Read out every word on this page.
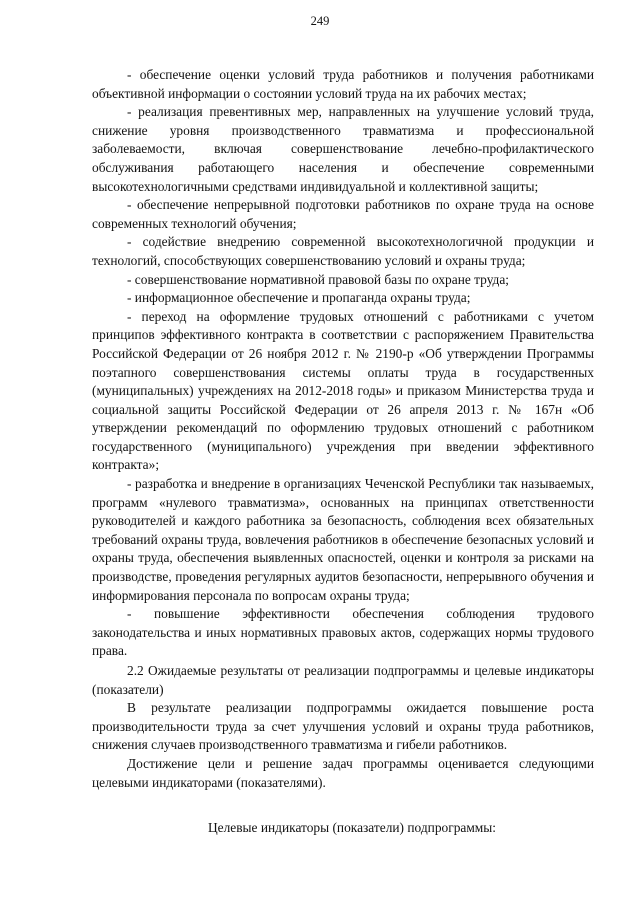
249

- обеспечение оценки условий труда работников и получения работниками объективной информации о состоянии условий труда на их рабочих местах;

- реализация превентивных мер, направленных на улучшение условий труда, снижение уровня производственного травматизма и профессиональной заболеваемости, включая совершенствование лечебно-профилактического обслуживания работающего населения и обеспечение современными высокотехнологичными средствами индивидуальной и коллективной защиты;

- обеспечение непрерывной подготовки работников по охране труда на основе современных технологий обучения;

- содействие внедрению современной высокотехнологичной продукции и технологий, способствующих совершенствованию условий и охраны труда;

- совершенствование нормативной правовой базы по охране труда;

- информационное обеспечение и пропаганда охраны труда;

- переход на оформление трудовых отношений с работниками с учетом принципов эффективного контракта в соответствии с распоряжением Правительства Российской Федерации от 26 ноября 2012 г. № 2190-р «Об утверждении Программы поэтапного совершенствования системы оплаты труда в государственных (муниципальных) учреждениях на 2012-2018 годы» и приказом Министерства труда и социальной защиты Российской Федерации от 26 апреля 2013 г. № 167н «Об утверждении рекомендаций по оформлению трудовых отношений с работником государственного (муниципального) учреждения при введении эффективного контракта»;

- разработка и внедрение в организациях Чеченской Республики так называемых, программ «нулевого травматизма», основанных на принципах ответственности руководителей и каждого работника за безопасность, соблюдения всех обязательных требований охраны труда, вовлечения работников в обеспечение безопасных условий и охраны труда, обеспечения выявленных опасностей, оценки и контроля за рисками на производстве, проведения регулярных аудитов безопасности, непрерывного обучения и информирования персонала по вопросам охраны труда;

- повышение эффективности обеспечения соблюдения трудового законодательства и иных нормативных правовых актов, содержащих нормы трудового права.

2.2 Ожидаемые результаты от реализации подпрограммы и целевые индикаторы (показатели)

В результате реализации подпрограммы ожидается повышение роста производительности труда за счет улучшения условий и охраны труда работников, снижения случаев производственного травматизма и гибели работников.

Достижение цели и решение задач программы оценивается следующими целевыми индикаторами (показателями).

Целевые индикаторы (показатели) подпрограммы:
